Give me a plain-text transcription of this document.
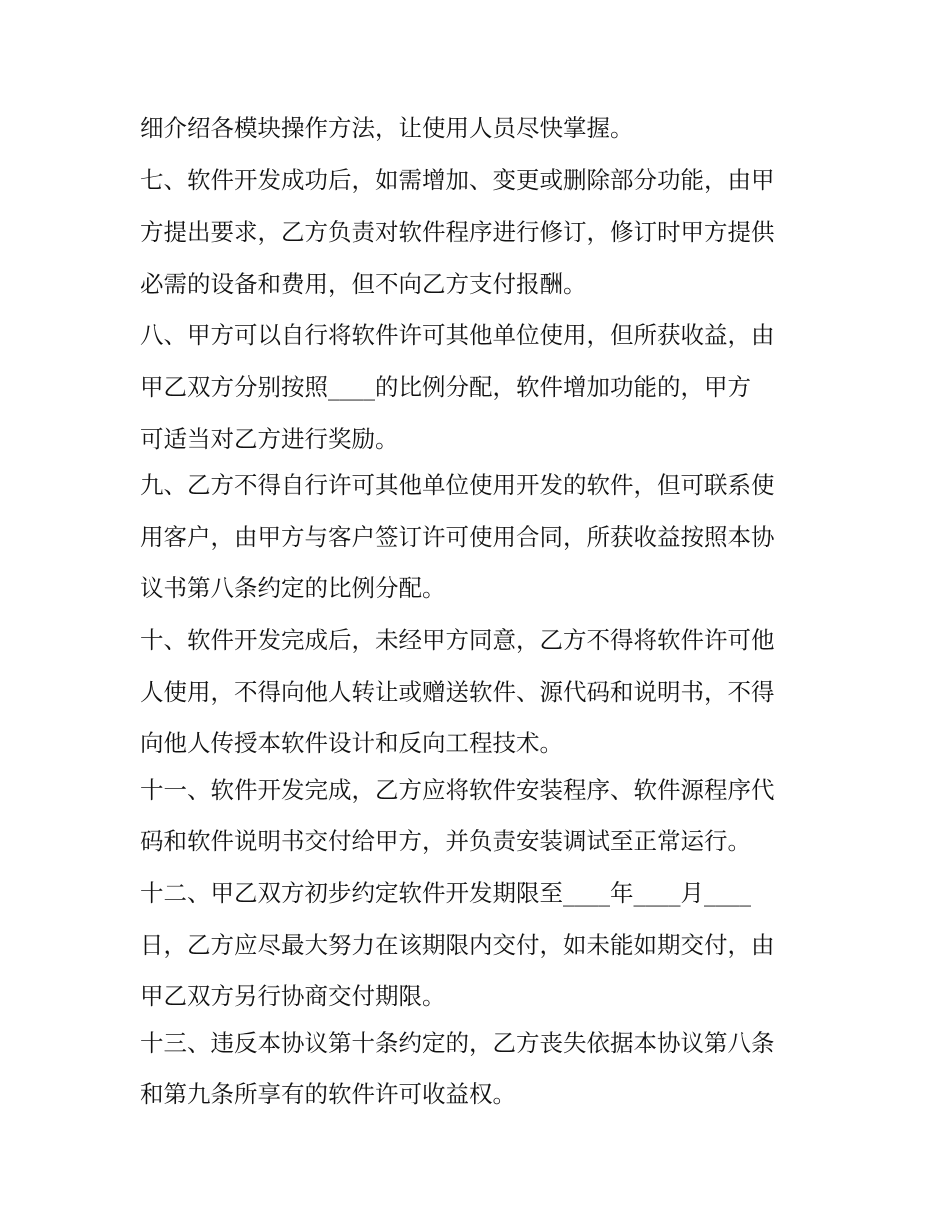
细介绍各模块操作方法，让使用人员尽快掌握。
七、软件开发成功后，如需增加、变更或删除部分功能，由甲
方提出要求，乙方负责对软件程序进行修订，修订时甲方提供
必需的设备和费用，但不向乙方支付报酬。
八、甲方可以自行将软件许可其他单位使用，但所获收益，由
甲乙双方分别按照____的比例分配，软件增加功能的，甲方
可适当对乙方进行奖励。
九、乙方不得自行许可其他单位使用开发的软件，但可联系使
用客户，由甲方与客户签订许可使用合同，所获收益按照本协
议书第八条约定的比例分配。
十、软件开发完成后，未经甲方同意，乙方不得将软件许可他
人使用，不得向他人转让或赠送软件、源代码和说明书，不得
向他人传授本软件设计和反向工程技术。
十一、软件开发完成，乙方应将软件安装程序、软件源程序代
码和软件说明书交付给甲方，并负责安装调试至正常运行。
十二、甲乙双方初步约定软件开发期限至____年____月____
日，乙方应尽最大努力在该期限内交付，如未能如期交付，由
甲乙双方另行协商交付期限。
十三、违反本协议第十条约定的，乙方丧失依据本协议第八条
和第九条所享有的软件许可收益权。
